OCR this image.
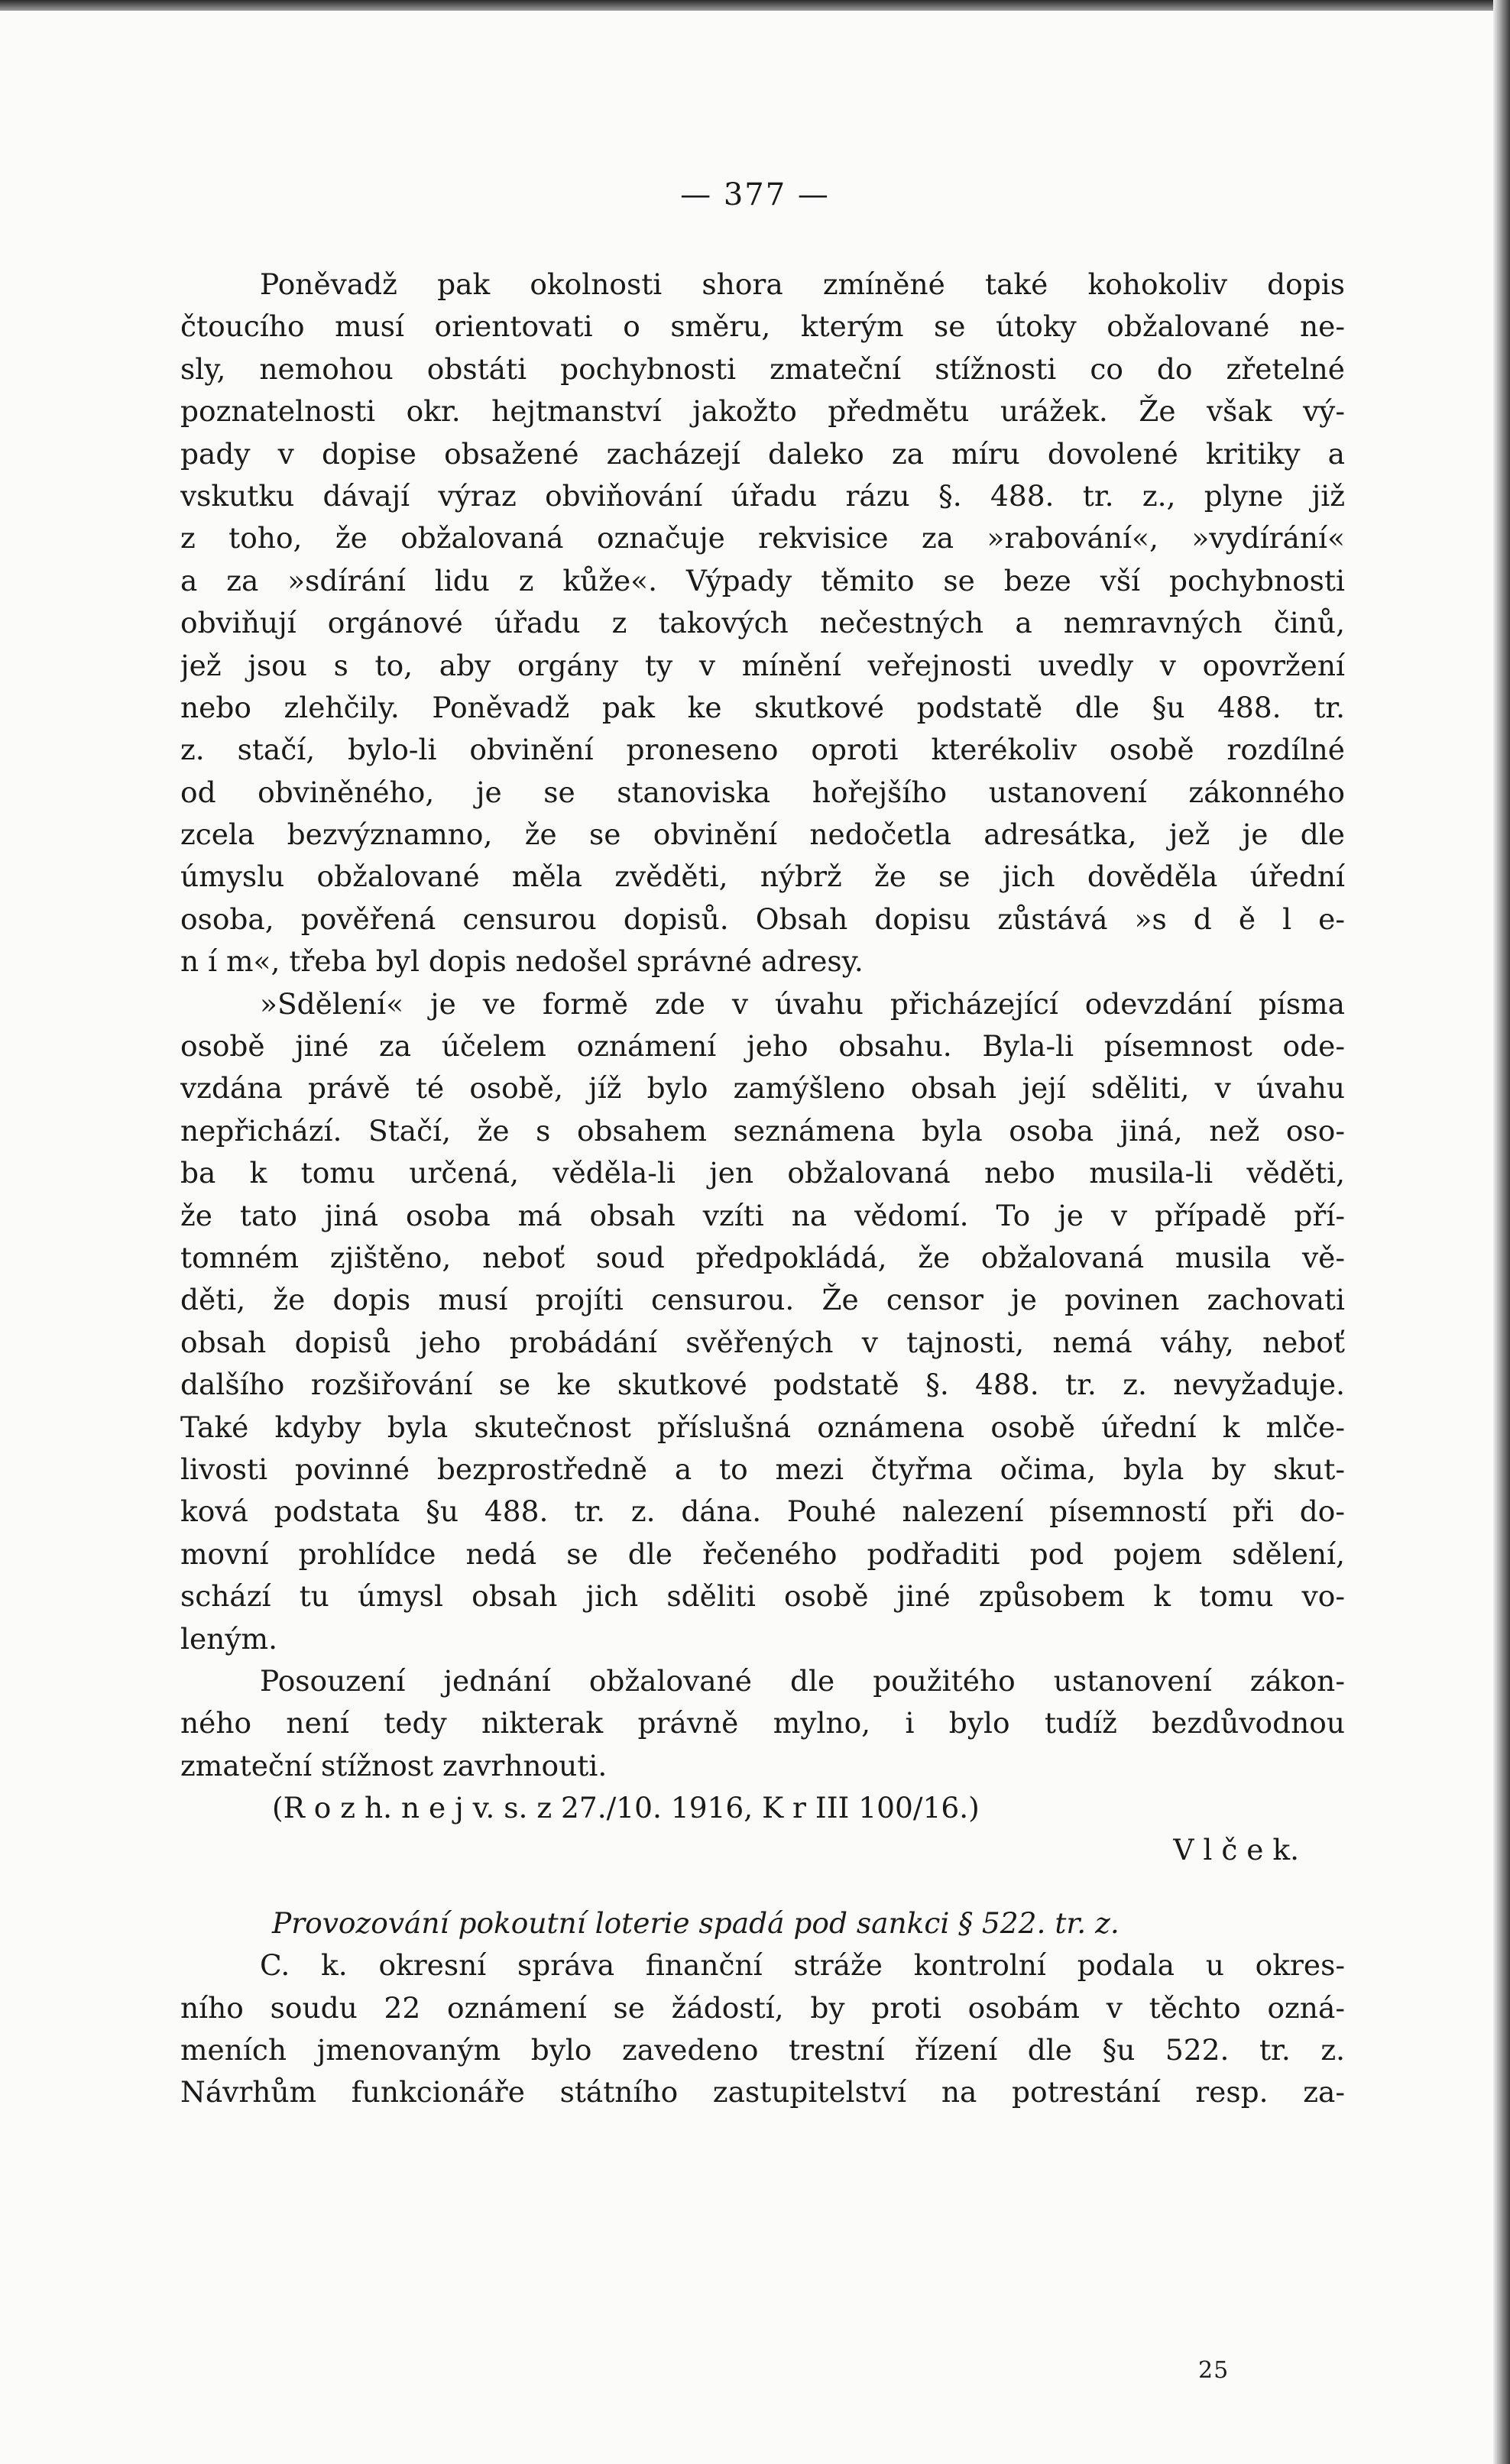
— 377 —
Poněvadž pak okolnosti shora zmíněné také kohokoliv dopis
čtoucího musí orientovati o směru, kterým se útoky obžalované ne-
sly, nemohou obstáti pochybnosti zmateční stížnosti co do zřetelné
poznatelnosti okr. hejtmanství jakožto předmětu urážek. Že však vý-
pady v dopise obsažené zacházejí daleko za míru dovolené kritiky a
vskutku dávají výraz obviňování úřadu rázu §. 488. tr. z., plyne již
z toho, že obžalovaná označuje rekvisice za »rabování«, »vydírání«
a za »sdírání lidu z kůže«. Výpady těmito se beze vší pochybnosti
obviňují orgánové úřadu z takových nečestných a nemravných činů,
jež jsou s to, aby orgány ty v mínění veřejnosti uvedly v opovržení
nebo zlehčily. Poněvadž pak ke skutkové podstatě dle §u 488. tr.
z. stačí, bylo-li obvinění proneseno oproti kterékoliv osobě rozdílné
od obviněného, je se stanoviska hořejšího ustanovení zákonného
zcela bezvýznamno, že se obvinění nedočetla adresátka, jež je dle
úmyslu obžalované měla zvěděti, nýbrž že se jich dověděla úřední
osoba, pověřená censurou dopisů. Obsah dopisu zůstává »s d ě l e-
n í m«, třeba byl dopis nedošel správné adresy.
»Sdělení« je ve formě zde v úvahu přicházející odevzdání písma
osobě jiné za účelem oznámení jeho obsahu. Byla-li písemnost ode-
vzdána právě té osobě, jíž bylo zamýšleno obsah její sděliti, v úvahu
nepřichází. Stačí, že s obsahem seznámena byla osoba jiná, než oso-
ba k tomu určená, věděla-li jen obžalovaná nebo musila-li věděti,
že tato jiná osoba má obsah vzíti na vědomí. To je v případě pří-
tomném zjištěno, neboť soud předpokládá, že obžalovaná musila vě-
děti, že dopis musí projíti censurou. Že censor je povinen zachovati
obsah dopisů jeho probádání svěřených v tajnosti, nemá váhy, neboť
dalšího rozšiřování se ke skutkové podstatě §. 488. tr. z. nevyžaduje.
Také kdyby byla skutečnost příslušná oznámena osobě úřední k mlče-
livosti povinné bezprostředně a to mezi čtyřma očima, byla by skut-
ková podstata §u 488. tr. z. dána. Pouhé nalezení písemností při do-
movní prohlídce nedá se dle řečeného podřaditi pod pojem sdělení,
schází tu úmysl obsah jich sděliti osobě jiné způsobem k tomu vo-
leným.
Posouzení jednání obžalované dle použitého ustanovení zákon-
ného není tedy nikterak právně mylno, i bylo tudíž bezdůvodnou
zmateční stížnost zavrhnouti.
(R o z h. n e j v. s. z 27./10. 1916, K r III 100/16.)
V l č e k.
Provozování pokoutní loterie spadá pod sankci § 522. tr. z.
C. k. okresní správa finanční stráže kontrolní podala u okres-
ního soudu 22 oznámení se žádostí, by proti osobám v těchto ozná-
meních jmenovaným bylo zavedeno trestní řízení dle §u 522. tr. z.
Návrhům funkcionáře státního zastupitelství na potrestání resp. za-
25
